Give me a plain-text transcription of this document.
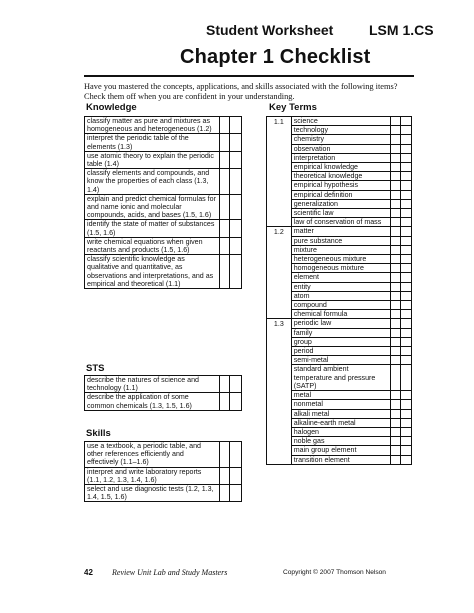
Student Worksheet	LSM 1.CS
Chapter 1 Checklist
Have you mastered the concepts, applications, and skills associated with the following items? Check them off when you are confident in your understanding.
Knowledge	Key Terms
STS
Skills
classify matter as pure and mixtures as homogeneous and heterogeneous (1.2)		
interpret the periodic table of the elements (1.3)		
use atomic theory to explain the periodic table (1.4)		
classify elements and compounds, and know the properties of each class (1.3, 1.4)		
explain and predict chemical formulas for and name ionic and molecular compounds, acids, and bases (1.5, 1.6)		
identify the state of matter of substances (1.5, 1.6)		
write chemical equations when given reactants and products (1.5, 1.6)		
classify scientific knowledge as qualitative and quantitative, as observations and interpretations, and as empirical and theoretical (1.1)		
describe the natures of science and technology (1.1)		
describe the application of some common chemicals (1.3, 1.5, 1.6)		
use a textbook, a periodic table, and other references efficiently and effectively (1.1–1.6)		
interpret and write laboratory reports (1.1, 1.2, 1.3, 1.4, 1.6)		
select and use diagnostic tests (1.2, 1.3, 1.4, 1.5, 1.6)		
1.1	science		
	technology		
	chemistry		
	observation		
	interpretation		
	empirical knowledge		
	theoretical knowledge		
	empirical hypothesis		
	empirical definition		
	generalization		
	scientific law		
	law of conservation of mass		
1.2	matter		
	pure substance		
	mixture		
	heterogeneous mixture		
	homogeneous mixture		
	element		
	entity		
	atom		
	compound		
	chemical formula		
1.3	periodic law		
	family		
	group		
	period		
	semi-metal		
	standard ambient temperature and pressure (SATP)		
	metal		
	nonmetal		
	alkali metal		
	alkaline-earth metal		
	halogen		
	noble gas		
	main group element		
	transition element		
42 Review Unit Lab and Study Masters	Copyright © 2007 Thomson Nelson
